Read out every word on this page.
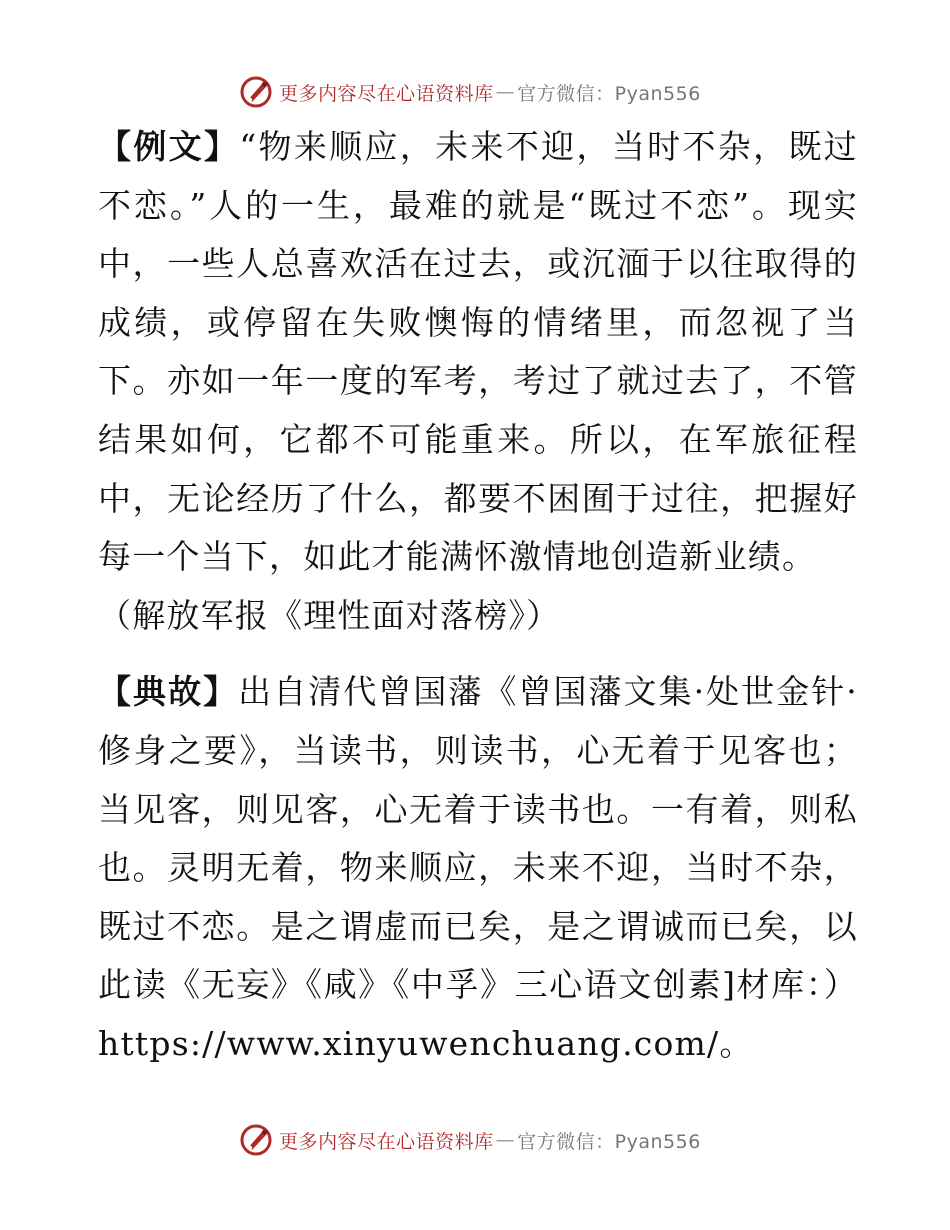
更多内容尽在心语资料库 — 官方微信：Pyan556

【例文】“物来顺应，未来不迎，当时不杂，既过不恋。”人的一生，最难的就是“既过不恋”。现实中，一些人总喜欢活在过去，或沉湎于以往取得的成绩，或停留在失败懊悔的情绪里，而忽视了当下。亦如一年一度的军考，考过了就过去了，不管结果如何，它都不可能重来。所以，在军旅征程中，无论经历了什么，都要不困囿于过往，把握好每一个当下，如此才能满怀激情地创造新业绩。

（解放军报《理性面对落榜》）

【典故】出自清代曾国藩《曾国藩文集·处世金针·修身之要》，当读书，则读书，心无着于见客也；当见客，则见客，心无着于读书也。一有着，则私也。灵明无着，物来顺应，未来不迎，当时不杂，既过不恋。是之谓虚而已矣，是之谓诚而已矣，以此读《无妄》《咸》《中孚》三心语文创素]材库：）https://www.xinyuwenchuang.com/。

更多内容尽在心语资料库 — 官方微信：Pyan556
